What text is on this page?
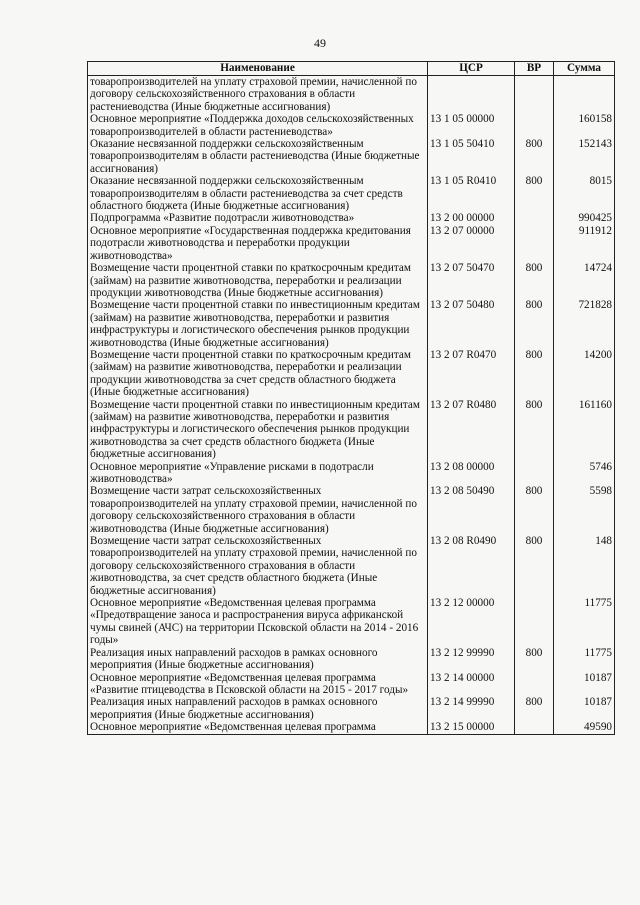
49
Наименование	ЦСР	ВР	Сумма
товаропроизводителей на уплату страховой премии, начисленной по договору сельскохозяйственного страхования в области растениеводства (Иные бюджетные ассигнования)			
Основное мероприятие «Поддержка доходов сельскохозяйственных товаропроизводителей в области растениеводства»	13 1 05 00000		160158
Оказание несвязанной поддержки сельскохозяйственным товаропроизводителям в области растениеводства (Иные бюджетные ассигнования)	13 1 05 50410	800	152143
Оказание несвязанной поддержки сельскохозяйственным товаропроизводителям в области растениеводства за счет средств областного бюджета (Иные бюджетные ассигнования)	13 1 05 R0410	800	8015
Подпрограмма «Развитие подотрасли животноводства»	13 2 00 00000		990425
Основное мероприятие «Государственная поддержка кредитования подотрасли животноводства и переработки продукции животноводства»	13 2 07 00000		911912
Возмещение части процентной ставки по краткосрочным кредитам (займам) на развитие животноводства, переработки и реализации продукции животноводства (Иные бюджетные ассигнования)	13 2 07 50470	800	14724
Возмещение части процентной ставки по инвестиционным кредитам (займам) на развитие животноводства, переработки и развития инфраструктуры и логистического обеспечения рынков продукции животноводства (Иные бюджетные ассигнования)	13 2 07 50480	800	721828
Возмещение части процентной ставки по краткосрочным кредитам (займам) на развитие животноводства, переработки и реализации продукции животноводства за счет средств областного бюджета (Иные бюджетные ассигнования)	13 2 07 R0470	800	14200
Возмещение части процентной ставки по инвестиционным кредитам (займам) на развитие животноводства, переработки и развития инфраструктуры и логистического обеспечения рынков продукции животноводства за счет средств областного бюджета (Иные бюджетные ассигнования)	13 2 07 R0480	800	161160
Основное мероприятие «Управление рисками в подотрасли животноводства»	13 2 08 00000		5746
Возмещение части затрат сельскохозяйственных товаропроизводителей на уплату страховой премии, начисленной по договору сельскохозяйственного страхования в области животноводства (Иные бюджетные ассигнования)	13 2 08 50490	800	5598
Возмещение части затрат сельскохозяйственных товаропроизводителей на уплату страховой премии, начисленной по договору сельскохозяйственного страхования в области животноводства, за счет средств областного бюджета (Иные бюджетные ассигнования)	13 2 08 R0490	800	148
Основное мероприятие «Ведомственная целевая программа «Предотвращение заноса и распространения вируса африканской чумы свиней (АЧС) на территории Псковской области на 2014 - 2016 годы»	13 2 12 00000		11775
Реализация иных направлений расходов в рамках основного мероприятия (Иные бюджетные ассигнования)	13 2 12 99990	800	11775
Основное мероприятие «Ведомственная целевая программа «Развитие птицеводства в Псковской области на 2015 - 2017 годы»	13 2 14 00000		10187
Реализация иных направлений расходов в рамках основного мероприятия (Иные бюджетные ассигнования)	13 2 14 99990	800	10187
Основное мероприятие «Ведомственная целевая программа	13 2 15 00000		49590
